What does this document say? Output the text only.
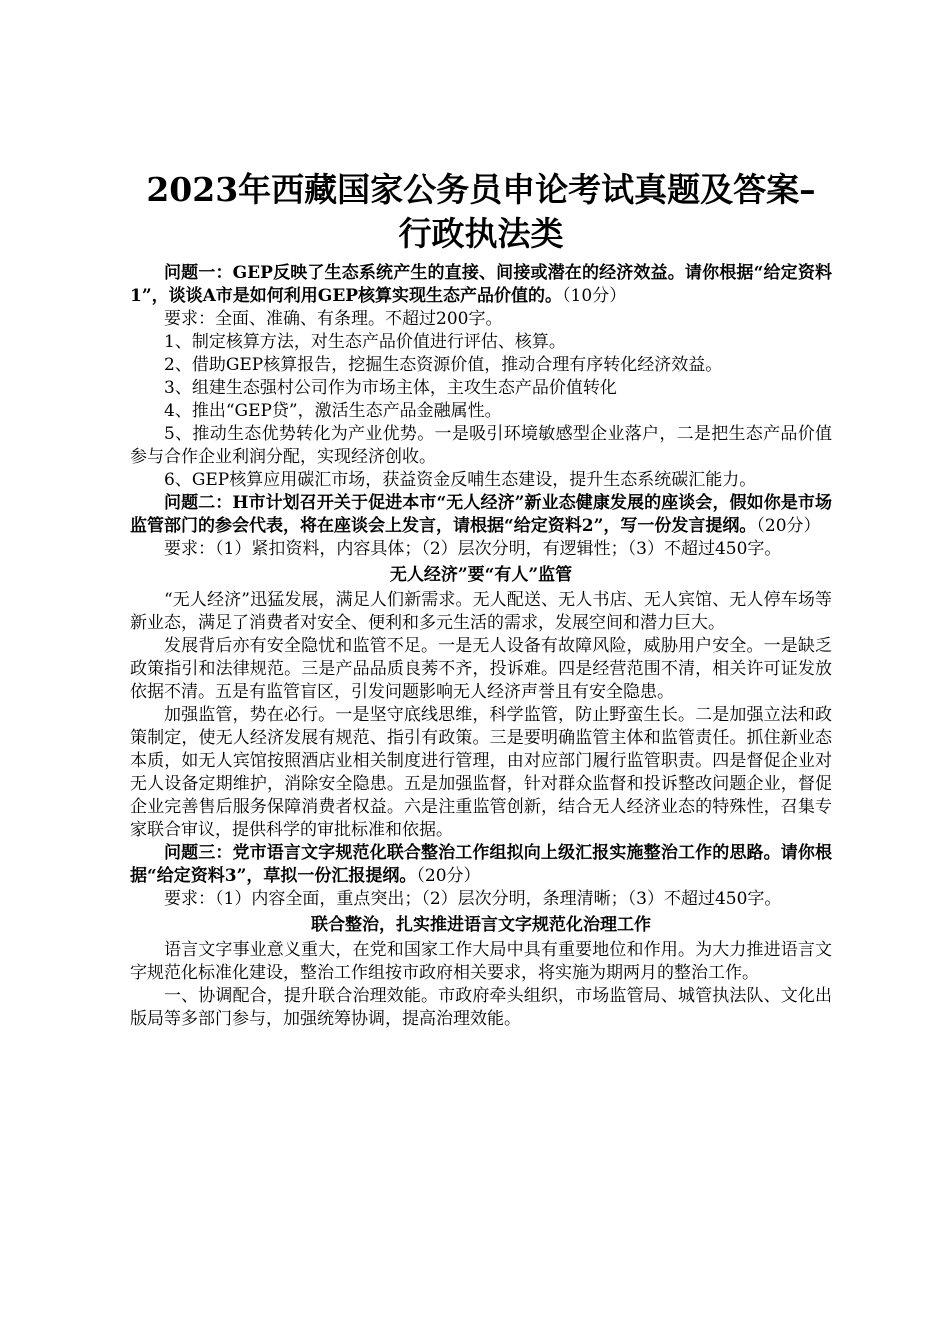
2023年西藏国家公务员申论考试真题及答案–
行政执法类

问题一：GEP反映了生态系统产生的直接、间接或潜在的经济效益。请你根据“给定资料1”，谈谈A市是如何利用GEP核算实现生态产品价值的。（10分）

要求：全面、准确、有条理。不超过200字。

1、制定核算方法，对生态产品价值进行评估、核算。

2、借助GEP核算报告，挖掘生态资源价值，推动合理有序转化经济效益。

3、组建生态强村公司作为市场主体，主攻生态产品价值转化

4、推出“GEP贷”，激活生态产品金融属性。

5、推动生态优势转化为产业优势。一是吸引环境敏感型企业落户，二是把生态产品价值参与合作企业利润分配，实现经济创收。

6、GEP核算应用碳汇市场，获益资金反哺生态建设，提升生态系统碳汇能力。

问题二：H市计划召开关于促进本市“无人经济”新业态健康发展的座谈会，假如你是市场监管部门的参会代表，将在座谈会上发言，请根据“给定资料2”，写一份发言提纲。（20分）

要求：（1）紧扣资料，内容具体；（2）层次分明，有逻辑性；（3）不超过450字。

无人经济”要“有人”监管

“无人经济”迅猛发展，满足人们新需求。无人配送、无人书店、无人宾馆、无人停车场等新业态，满足了消费者对安全、便利和多元生活的需求，发展空间和潜力巨大。

发展背后亦有安全隐忧和监管不足。一是无人设备有故障风险，威胁用户安全。一是缺乏政策指引和法律规范。三是产品品质良莠不齐，投诉难。四是经营范围不清，相关许可证发放依据不清。五是有监管盲区，引发问题影响无人经济声誉且有安全隐患。

加强监管，势在必行。一是坚守底线思维，科学监管，防止野蛮生长。二是加强立法和政策制定，使无人经济发展有规范、指引有政策。三是要明确监管主体和监管责任。抓住新业态本质，如无人宾馆按照酒店业相关制度进行管理，由对应部门履行监管职责。四是督促企业对无人设备定期维护，消除安全隐患。五是加强监督，针对群众监督和投诉整改问题企业，督促企业完善售后服务保障消费者权益。六是注重监管创新，结合无人经济业态的特殊性，召集专家联合审议，提供科学的审批标准和依据。

问题三：党市语言文字规范化联合整治工作组拟向上级汇报实施整治工作的思路。请你根据“给定资料3”，草拟一份汇报提纲。（20分）

要求：（1）内容全面，重点突出；（2）层次分明，条理清晰；（3）不超过450字。

联合整治，扎实推进语言文字规范化治理工作

语言文字事业意义重大，在党和国家工作大局中具有重要地位和作用。为大力推进语言文字规范化标准化建设，整治工作组按市政府相关要求，将实施为期两月的整治工作。

一、协调配合，提升联合治理效能。市政府牵头组织，市场监管局、城管执法队、文化出版局等多部门参与，加强统筹协调，提高治理效能。
